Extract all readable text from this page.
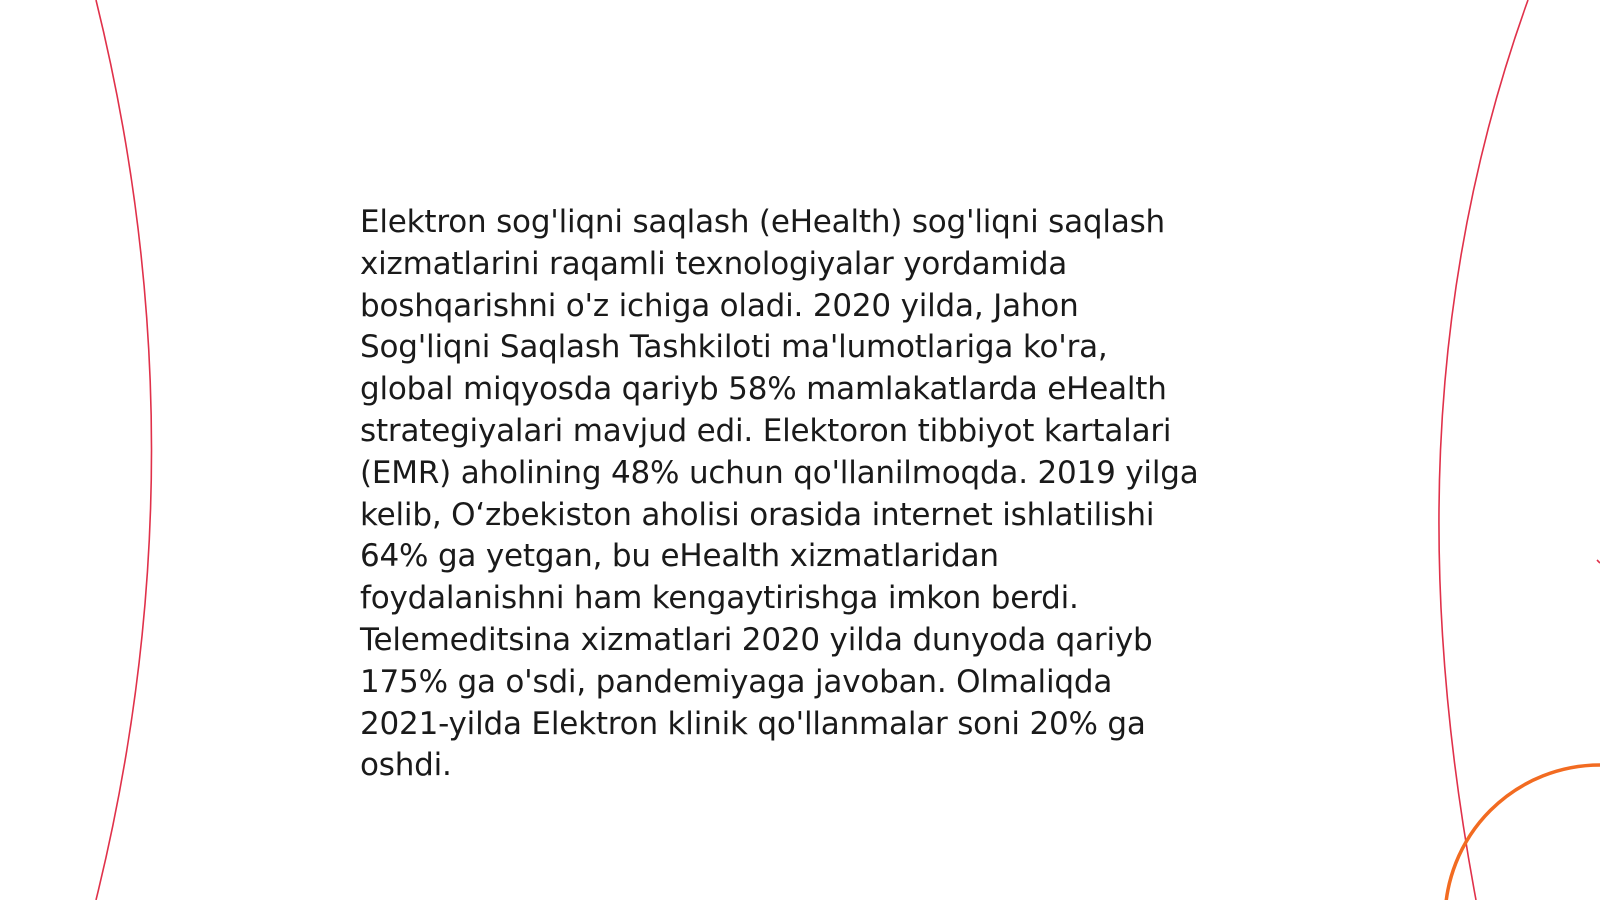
Elektron sog'liqni saqlash (eHealth) sog'liqni saqlash
xizmatlarini raqamli texnologiyalar yordamida
boshqarishni o'z ichiga oladi. 2020 yilda, Jahon
Sog'liqni Saqlash Tashkiloti ma'lumotlariga ko'ra,
global miqyosda qariyb 58% mamlakatlarda eHealth
strategiyalari mavjud edi. Elektoron tibbiyot kartalari
(EMR) aholining 48% uchun qo'llanilmoqda. 2019 yilga
kelib, O‘zbekiston aholisi orasida internet ishlatilishi
64% ga yetgan, bu eHealth xizmatlaridan
foydalanishni ham kengaytirishga imkon berdi.
Telemeditsina xizmatlari 2020 yilda dunyoda qariyb
175% ga o'sdi, pandemiyaga javoban. Olmaliqda
2021-yilda Elektron klinik qo'llanmalar soni 20% ga
oshdi.
